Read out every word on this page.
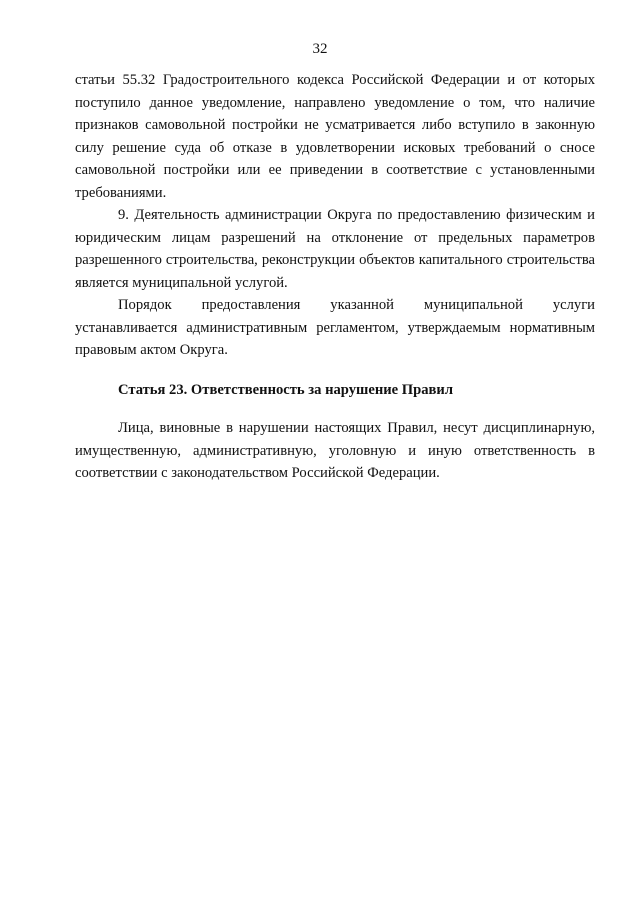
32

статьи 55.32 Градостроительного кодекса Российской Федерации и от которых поступило данное уведомление, направлено уведомление о том, что наличие признаков самовольной постройки не усматривается либо вступило в законную силу решение суда об отказе в удовлетворении исковых требований о сносе самовольной постройки или ее приведении в соответствие с установленными требованиями.

9. Деятельность администрации Округа по предоставлению физическим и юридическим лицам разрешений на отклонение от предельных параметров разрешенного строительства, реконструкции объектов капитального строительства является муниципальной услугой.

Порядок предоставления указанной муниципальной услуги устанавливается административным регламентом, утверждаемым нормативным правовым актом Округа.

Статья 23. Ответственность за нарушение Правил

Лица, виновные в нарушении настоящих Правил, несут дисциплинарную, имущественную, административную, уголовную и иную ответственность в соответствии с законодательством Российской Федерации.
